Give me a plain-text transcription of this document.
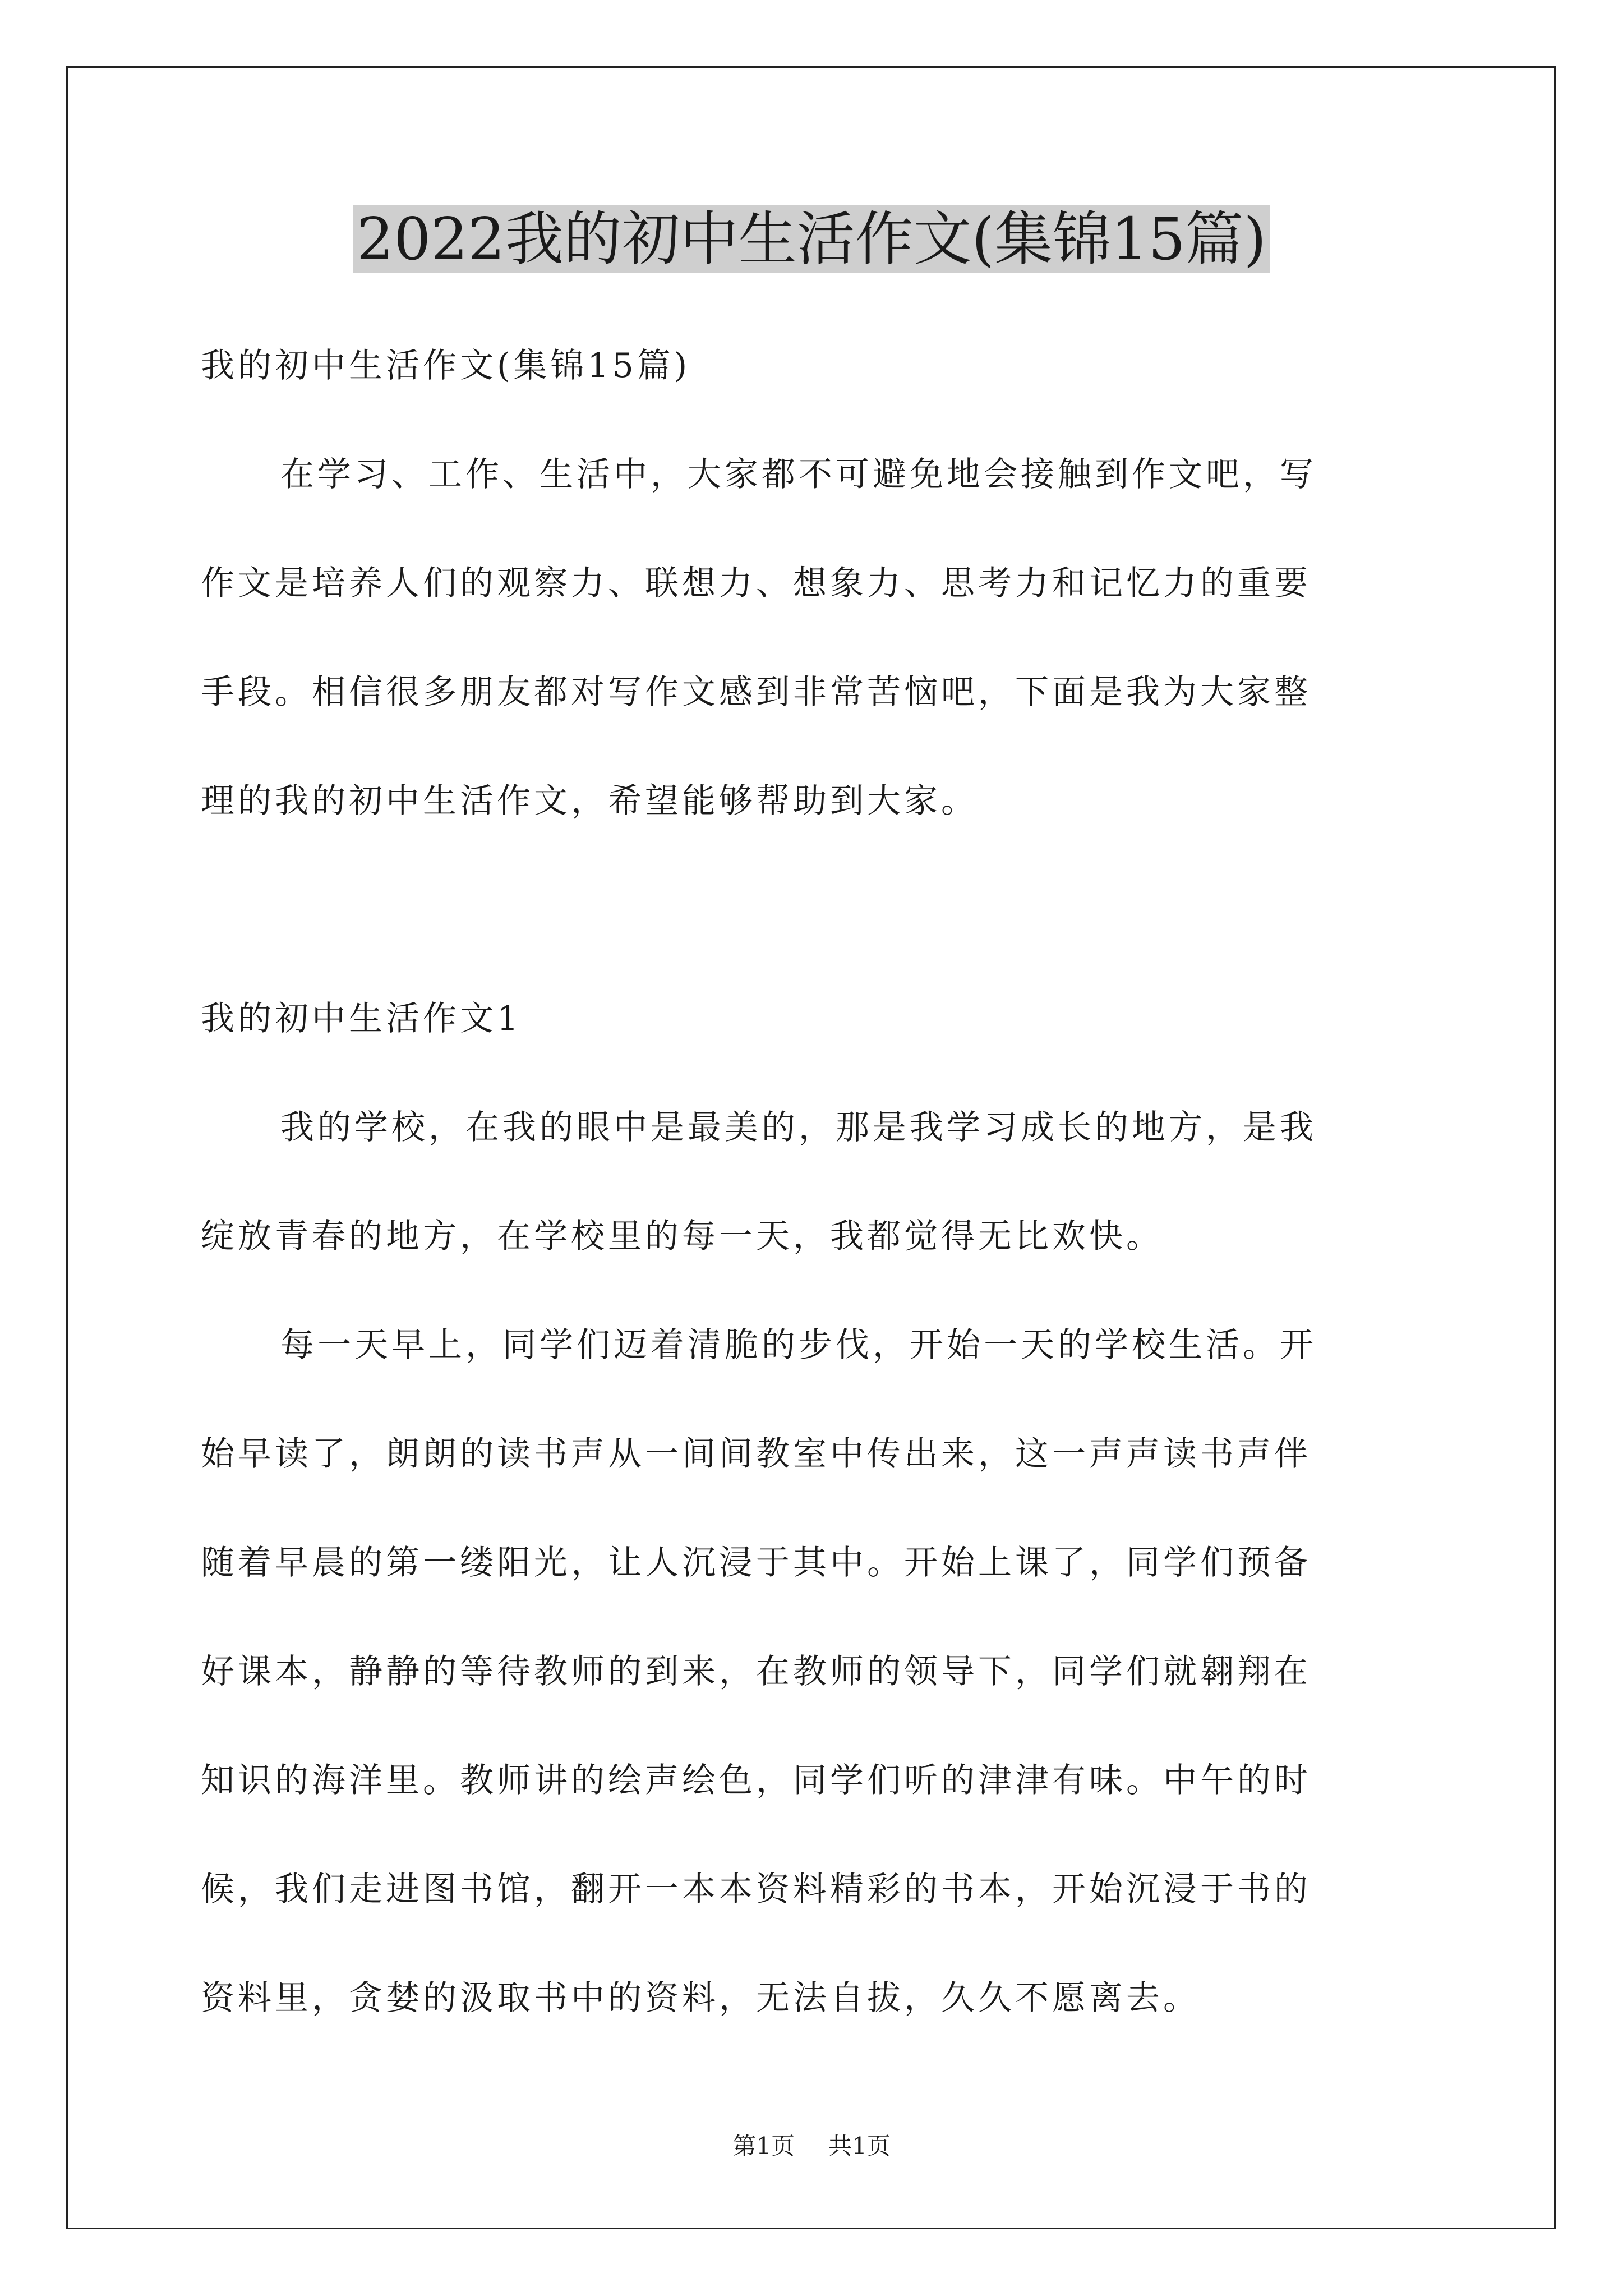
2022我的初中生活作文(集锦15篇)
我的初中生活作文(集锦15篇)
在学习、工作、生活中，大家都不可避免地会接触到作文吧，写
作文是培养人们的观察力、联想力、想象力、思考力和记忆力的重要
手段。相信很多朋友都对写作文感到非常苦恼吧，下面是我为大家整
理的我的初中生活作文，希望能够帮助到大家。
我的初中生活作文1
我的学校，在我的眼中是最美的，那是我学习成长的地方，是我
绽放青春的地方，在学校里的每一天，我都觉得无比欢快。
每一天早上，同学们迈着清脆的步伐，开始一天的学校生活。开
始早读了，朗朗的读书声从一间间教室中传出来，这一声声读书声伴
随着早晨的第一缕阳光，让人沉浸于其中。开始上课了，同学们预备
好课本，静静的等待教师的到来，在教师的领导下，同学们就翱翔在
知识的海洋里。教师讲的绘声绘色，同学们听的津津有味。中午的时
候，我们走进图书馆，翻开一本本资料精彩的书本，开始沉浸于书的
资料里，贪婪的汲取书中的资料，无法自拔，久久不愿离去。
第1页 共1页
